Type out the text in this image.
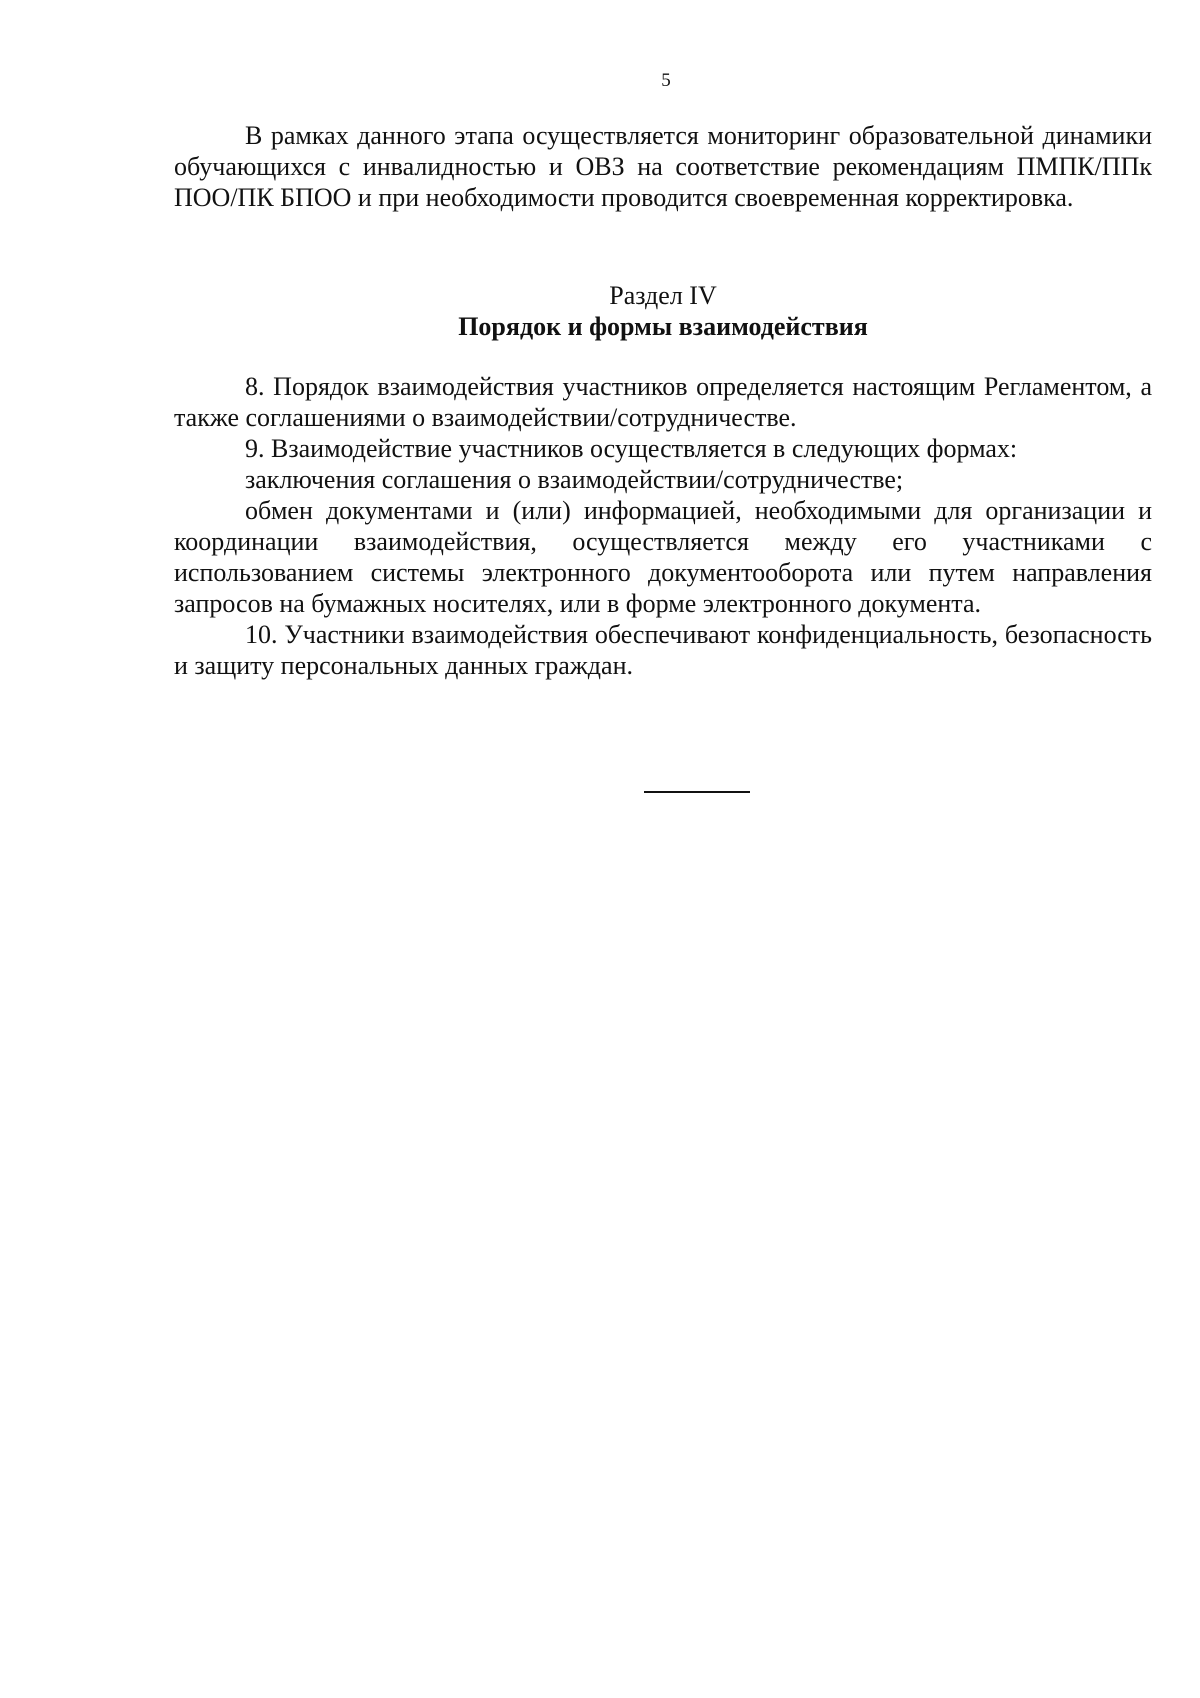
5

В рамках данного этапа осуществляется мониторинг образовательной динамики обучающихся с инвалидностью и ОВЗ на соответствие рекомендациям ПМПК/ППк ПОО/ПК БПОО и при необходимости проводится своевременная корректировка.

Раздел IV
Порядок и формы взаимодействия

8. Порядок взаимодействия участников определяется настоящим Регламентом, а также соглашениями о взаимодействии/сотрудничестве.

9. Взаимодействие участников осуществляется в следующих формах:

заключения соглашения о взаимодействии/сотрудничестве;

обмен документами и (или) информацией, необходимыми для организации и координации взаимодействия, осуществляется между его участниками с использованием системы электронного документооборота или путем направления запросов на бумажных носителях, или в форме электронного документа.

10. Участники взаимодействия обеспечивают конфиденциальность, безопасность и защиту персональных данных граждан.
